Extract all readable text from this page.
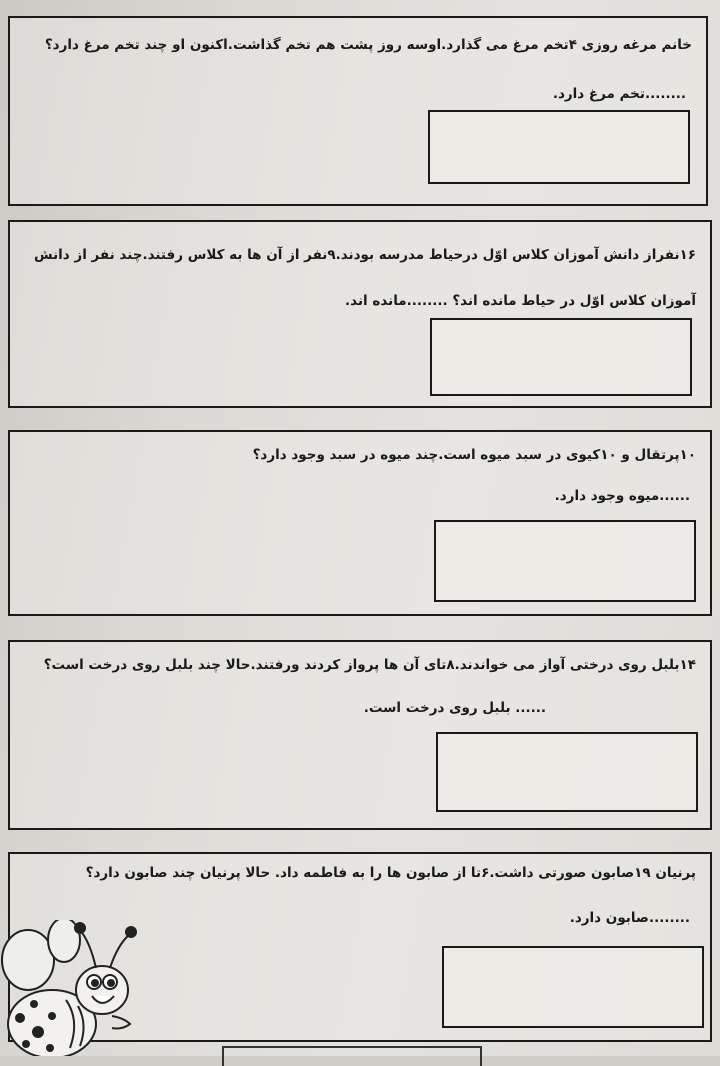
خانم مرغه روزی ۴تخم مرغ می گذارد.اوسه روز پشت هم تخم گذاشت.اکنون او چند تخم مرغ دارد؟
........تخم مرغ دارد.
۱۶نفراز دانش آموزان کلاس اوّل درحیاط مدرسه بودند.۹نفر از آن ها به کلاس رفتند.چند نفر از دانش آموزان کلاس اوّل در حیاط مانده اند؟ ........مانده اند.
۱۰پرتقال و ۱۰کیوی در سبد میوه است.چند میوه در سبد وجود دارد؟
......میوه وجود دارد.
۱۴بلبل روی درختی آواز می خواندند.۸تای آن ها پرواز کردند ورفتند.حالا چند بلبل روی درخت است؟
...... بلبل روی درخت است.
پرنیان ۱۹صابون صورتی داشت.۶تا از صابون ها را به فاطمه داد. حالا پرنیان چند صابون دارد؟
........صابون دارد.
